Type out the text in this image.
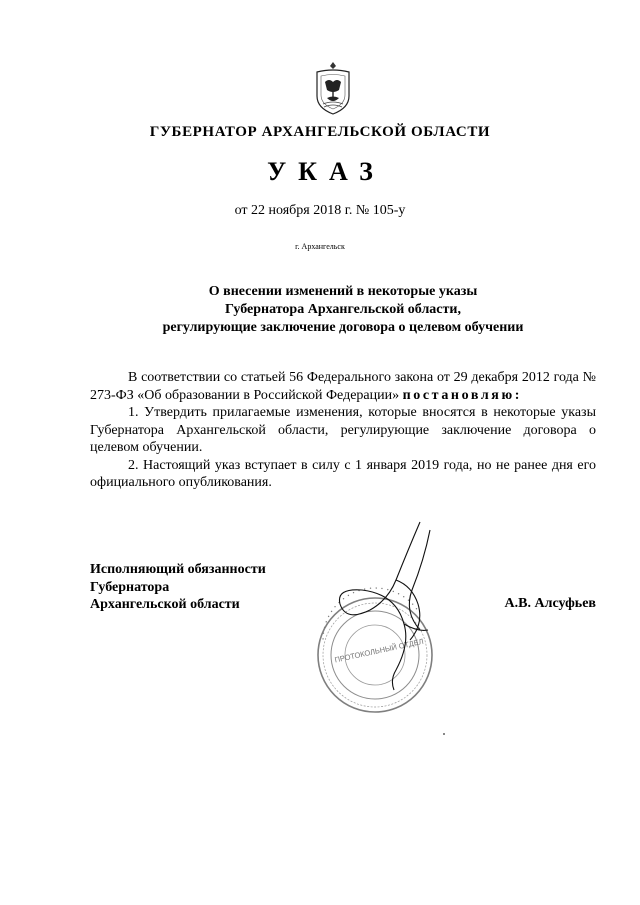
ГУБЕРНАТОР АРХАНГЕЛЬСКОЙ ОБЛАСТИ
УКАЗ
от 22 ноября 2018 г. № 105-у
г. Архангельск
О внесении изменений в некоторые указы
Губернатора Архангельской области,
регулирующие заключение договора о целевом обучении

В соответствии со статьей 56 Федерального закона от 29 декабря 2012 года № 273-ФЗ «Об образовании в Российской Федерации» постановляю:

1. Утвердить прилагаемые изменения, которые вносятся в некоторые указы Губернатора Архангельской области, регулирующие заключение договора о целевом обучении.

2. Настоящий указ вступает в силу с 1 января 2019 года, но не ранее дня его официального опубликования.

Исполняющий обязанности
Губернатора
Архангельской области
• • • • • • • • • • • • • • • • • • • • • • •
ПРОТОКОЛЬНЫЙ ОТДЕЛ
А.В. Алсуфьев
